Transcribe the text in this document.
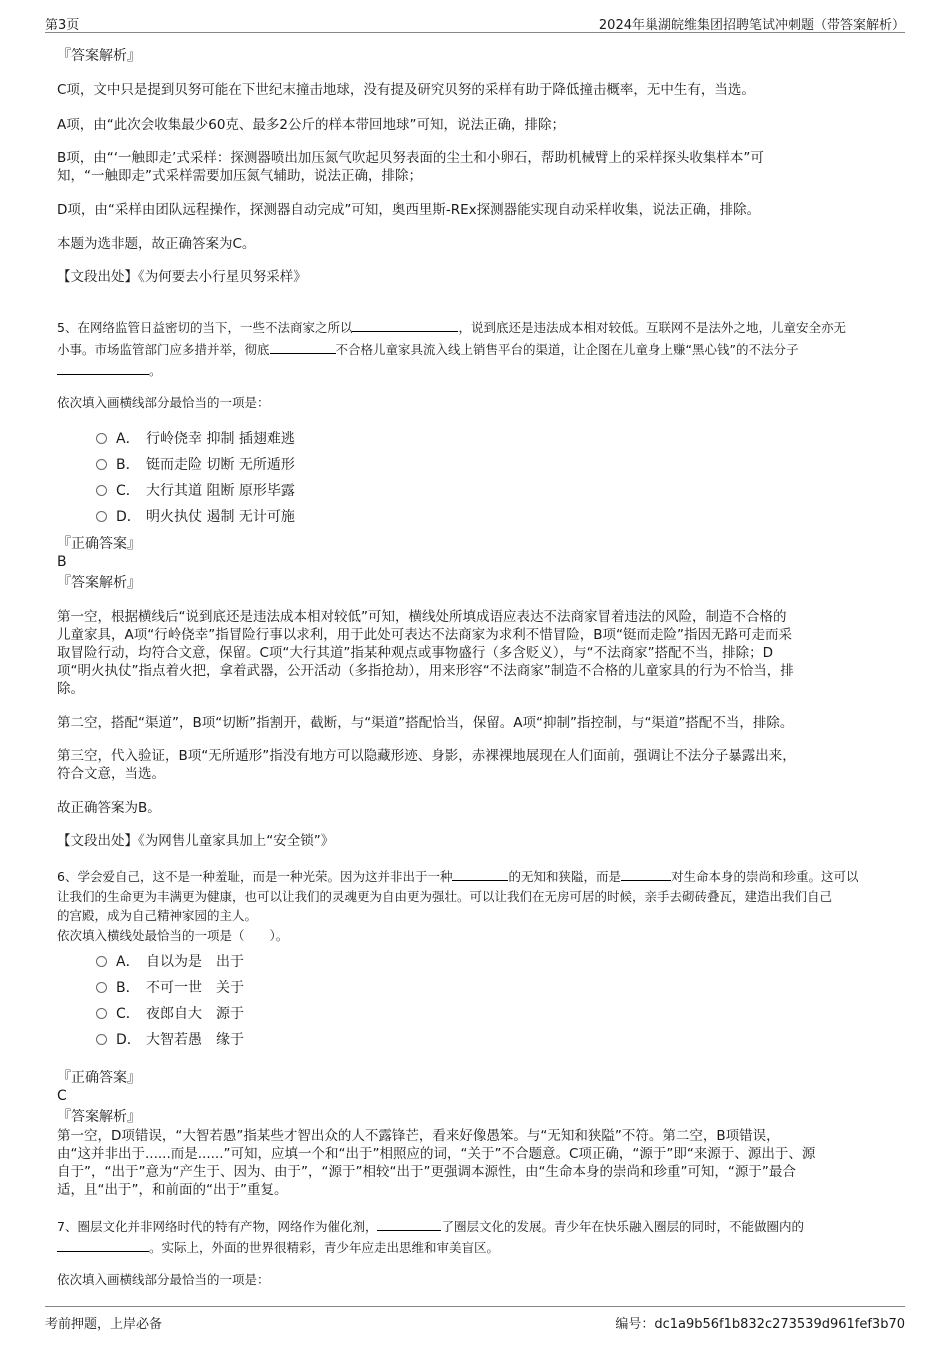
第3页	2024年巢湖皖维集团招聘笔试冲刺题（带答案解析）
『答案解析』
C项，文中只是提到贝努可能在下世纪末撞击地球，没有提及研究贝努的采样有助于降低撞击概率，无中生有，当选。
A项，由“此次会收集最少60克、最多2公斤的样本带回地球”可知，说法正确，排除；
B项，由“‘一触即走’式采样：探测器喷出加压氮气吹起贝努表面的尘土和小卵石，帮助机械臂上的采样探头收集样本”可
知，“一触即走”式采样需要加压氮气辅助，说法正确，排除；
D项，由“采样由团队远程操作，探测器自动完成”可知，奥西里斯-REx探测器能实现自动采样收集，说法正确，排除。
本题为选非题，故正确答案为C。
【文段出处】《为何要去小行星贝努采样》
5、在网络监管日益密切的当下，一些不法商家之所以	，说到底还是违法成本相对较低。互联网不是法外之地，儿童安全亦无
小事。市场监管部门应多措并举，彻底	不合格儿童家具流入线上销售平台的渠道，让企图在儿童身上赚“黑心钱”的不法分子
。
依次填入画横线部分最恰当的一项是：
A． 行岭侥幸 抑制 插翅难逃
B． 铤而走险 切断 无所遁形
C． 大行其道 阻断 原形毕露
D． 明火执仗 遏制 无计可施
『正确答案』
B
『答案解析』
第一空，根据横线后“说到底还是违法成本相对较低”可知，横线处所填成语应表达不法商家冒着违法的风险，制造不合格的
儿童家具，A项“行岭侥幸”指冒险行事以求利，用于此处可表达不法商家为求利不惜冒险，B项“铤而走险”指因无路可走而采
取冒险行动，均符合文意，保留。C项“大行其道”指某种观点或事物盛行（多含贬义），与“不法商家”搭配不当，排除；D
项“明火执仗”指点着火把，拿着武器，公开活动（多指抢劫），用来形容“不法商家”制造不合格的儿童家具的行为不恰当，排
除。
第二空，搭配“渠道”，B项“切断”指割开，截断，与“渠道”搭配恰当，保留。A项“抑制”指控制，与“渠道”搭配不当，排除。
第三空，代入验证，B项“无所遁形”指没有地方可以隐藏形迹、身影，赤裸裸地展现在人们面前，强调让不法分子暴露出来，
符合文意，当选。
故正确答案为B。
【文段出处】《为网售儿童家具加上“安全锁”》
6、学会爱自己，这不是一种羞耻，而是一种光荣。因为这并非出于一种	的无知和狭隘，而是	对生命本身的崇尚和珍重。这可以
让我们的生命更为丰满更为健康，也可以让我们的灵魂更为自由更为强壮。可以让我们在无房可居的时候，亲手去砌砖叠瓦，建造出我们自己
的宫殿，成为自己精神家园的主人。
依次填入横线处最恰当的一项是（　　）。
A． 自以为是　出于
B． 不可一世　关于
C． 夜郎自大　源于
D． 大智若愚　缘于
『正确答案』
C
『答案解析』
第一空，D项错误，“大智若愚”指某些才智出众的人不露锋芒，看来好像愚笨。与“无知和狭隘”不符。第二空，B项错误，
由“这并非出于......而是......”可知，应填一个和“出于”相照应的词，“关于”不合题意。C项正确，“源于”即“来源于、源出于、源
自于”，“出于”意为“产生于、因为、由于”，“源于”相较“出于”更强调本源性，由“生命本身的崇尚和珍重”可知，“源于”最合
适，且“出于”，和前面的“出于”重复。
7、圈层文化并非网络时代的特有产物，网络作为催化剂，	了圈层文化的发展。青少年在快乐融入圈层的同时，不能做圈内的
。实际上，外面的世界很精彩，青少年应走出思维和审美盲区。
依次填入画横线部分最恰当的一项是：
考前押题，上岸必备	编号：dc1a9b56f1b832c273539d961fef3b70
